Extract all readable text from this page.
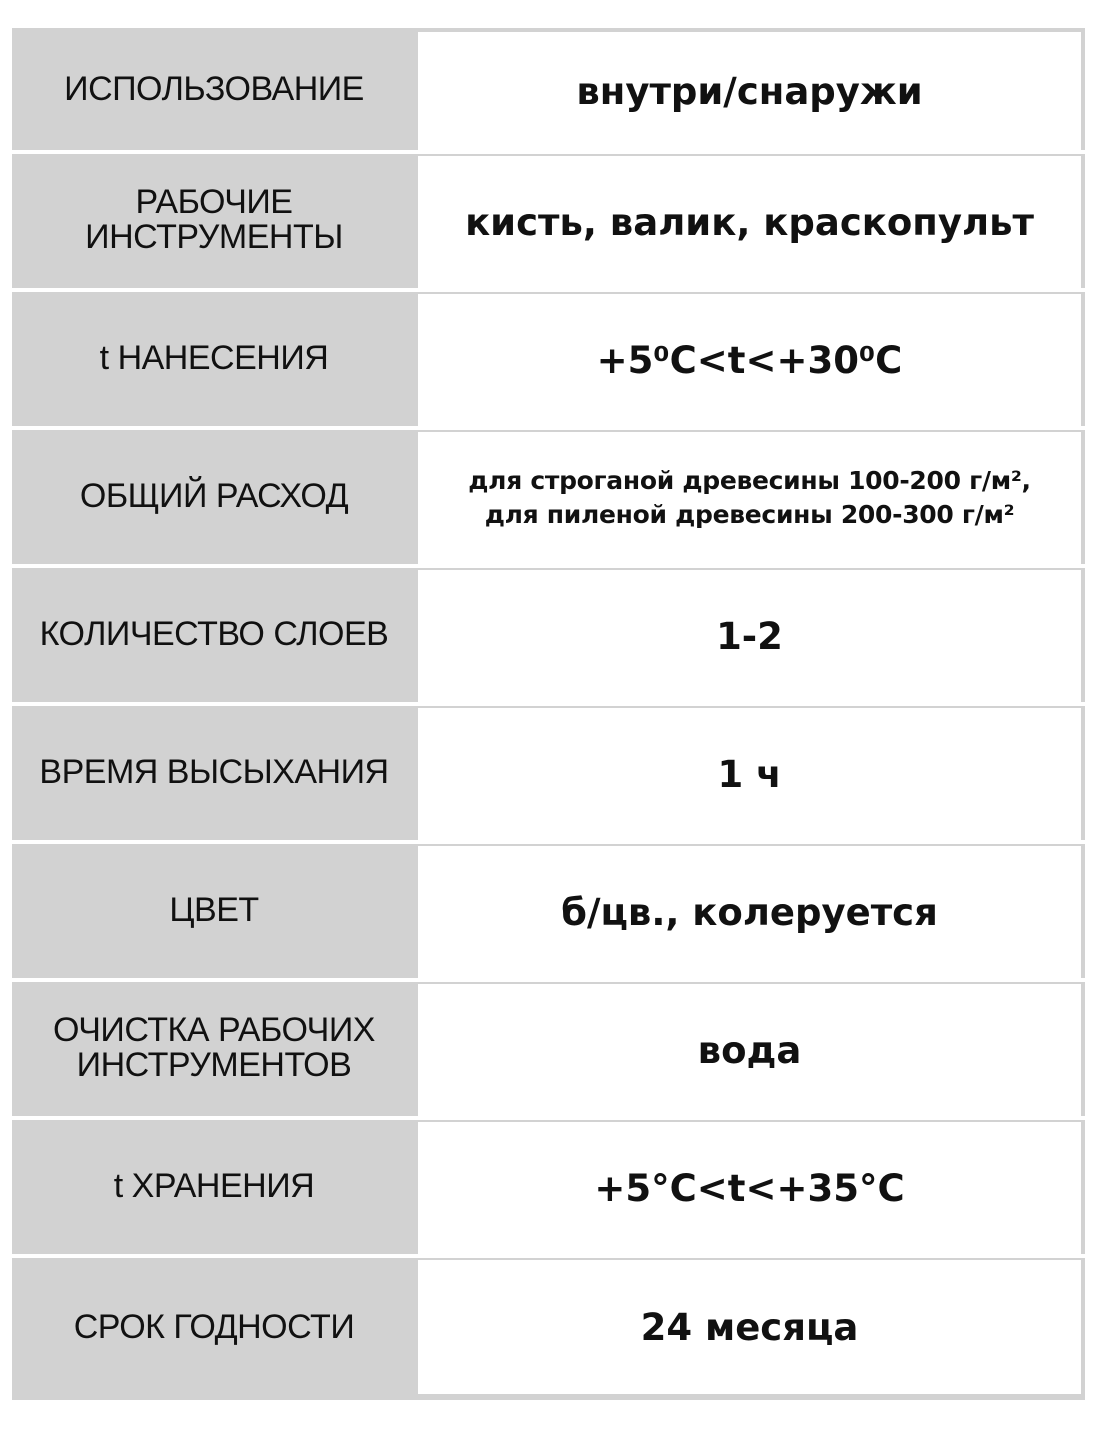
ИСПОЛЬЗОВАНИЕ	внутри/снаружи
РАБОЧИЕ
ИНСТРУМЕНТЫ	кисть, валик, краскопульт
t НАНЕСЕНИЯ	+5⁰C<t<+30⁰C
ОБЩИЙ РАСХОД	для строганой древесины 100-200 г/м²,
для пиленой древесины 200-300 г/м²
КОЛИЧЕСТВО СЛОЕВ	1-2
ВРЕМЯ ВЫСЫХАНИЯ	1 ч
ЦВЕТ	б/цв., колеруется
ОЧИСТКА РАБОЧИХ
ИНСТРУМЕНТОВ	вода
t ХРАНЕНИЯ	+5°C<t<+35°C
СРОК ГОДНОСТИ	24 месяца
